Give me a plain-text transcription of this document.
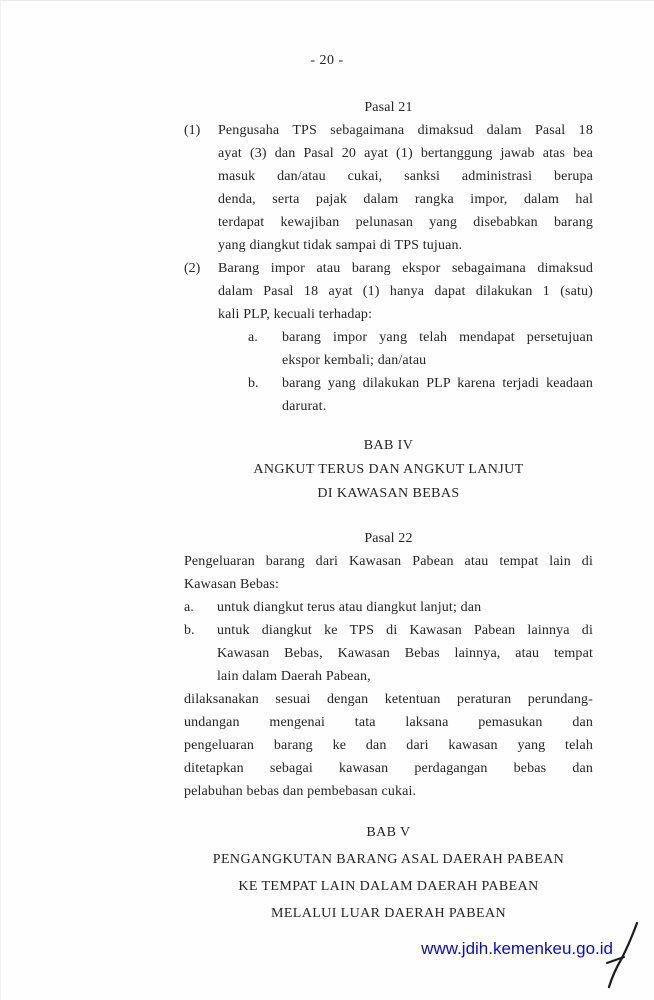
- 20 -
Pasal 21
(1) Pengusaha TPS sebagaimana dimaksud dalam Pasal 18
ayat (3) dan Pasal 20 ayat (1) bertanggung jawab atas bea
masuk dan/atau cukai, sanksi administrasi berupa
denda, serta pajak dalam rangka impor, dalam hal
terdapat kewajiban pelunasan yang disebabkan barang
yang diangkut tidak sampai di TPS tujuan.
(2) Barang impor atau barang ekspor sebagaimana dimaksud
dalam Pasal 18 ayat (1) hanya dapat dilakukan 1 (satu)
kali PLP, kecuali terhadap:
a. barang impor yang telah mendapat persetujuan
ekspor kembali; dan/atau
b. barang yang dilakukan PLP karena terjadi keadaan
darurat.
BAB IV
ANGKUT TERUS DAN ANGKUT LANJUT
DI KAWASAN BEBAS
Pasal 22
Pengeluaran barang dari Kawasan Pabean atau tempat lain di
Kawasan Bebas:
a. untuk diangkut terus atau diangkut lanjut; dan
b. untuk diangkut ke TPS di Kawasan Pabean lainnya di
Kawasan Bebas, Kawasan Bebas lainnya, atau tempat
lain dalam Daerah Pabean,
dilaksanakan sesuai dengan ketentuan peraturan perundang-
undangan mengenai tata laksana pemasukan dan
pengeluaran barang ke dan dari kawasan yang telah
ditetapkan sebagai kawasan perdagangan bebas dan
pelabuhan bebas dan pembebasan cukai.
BAB V
PENGANGKUTAN BARANG ASAL DAERAH PABEAN
KE TEMPAT LAIN DALAM DAERAH PABEAN
MELALUI LUAR DAERAH PABEAN
www.jdih.kemenkeu.go.id
